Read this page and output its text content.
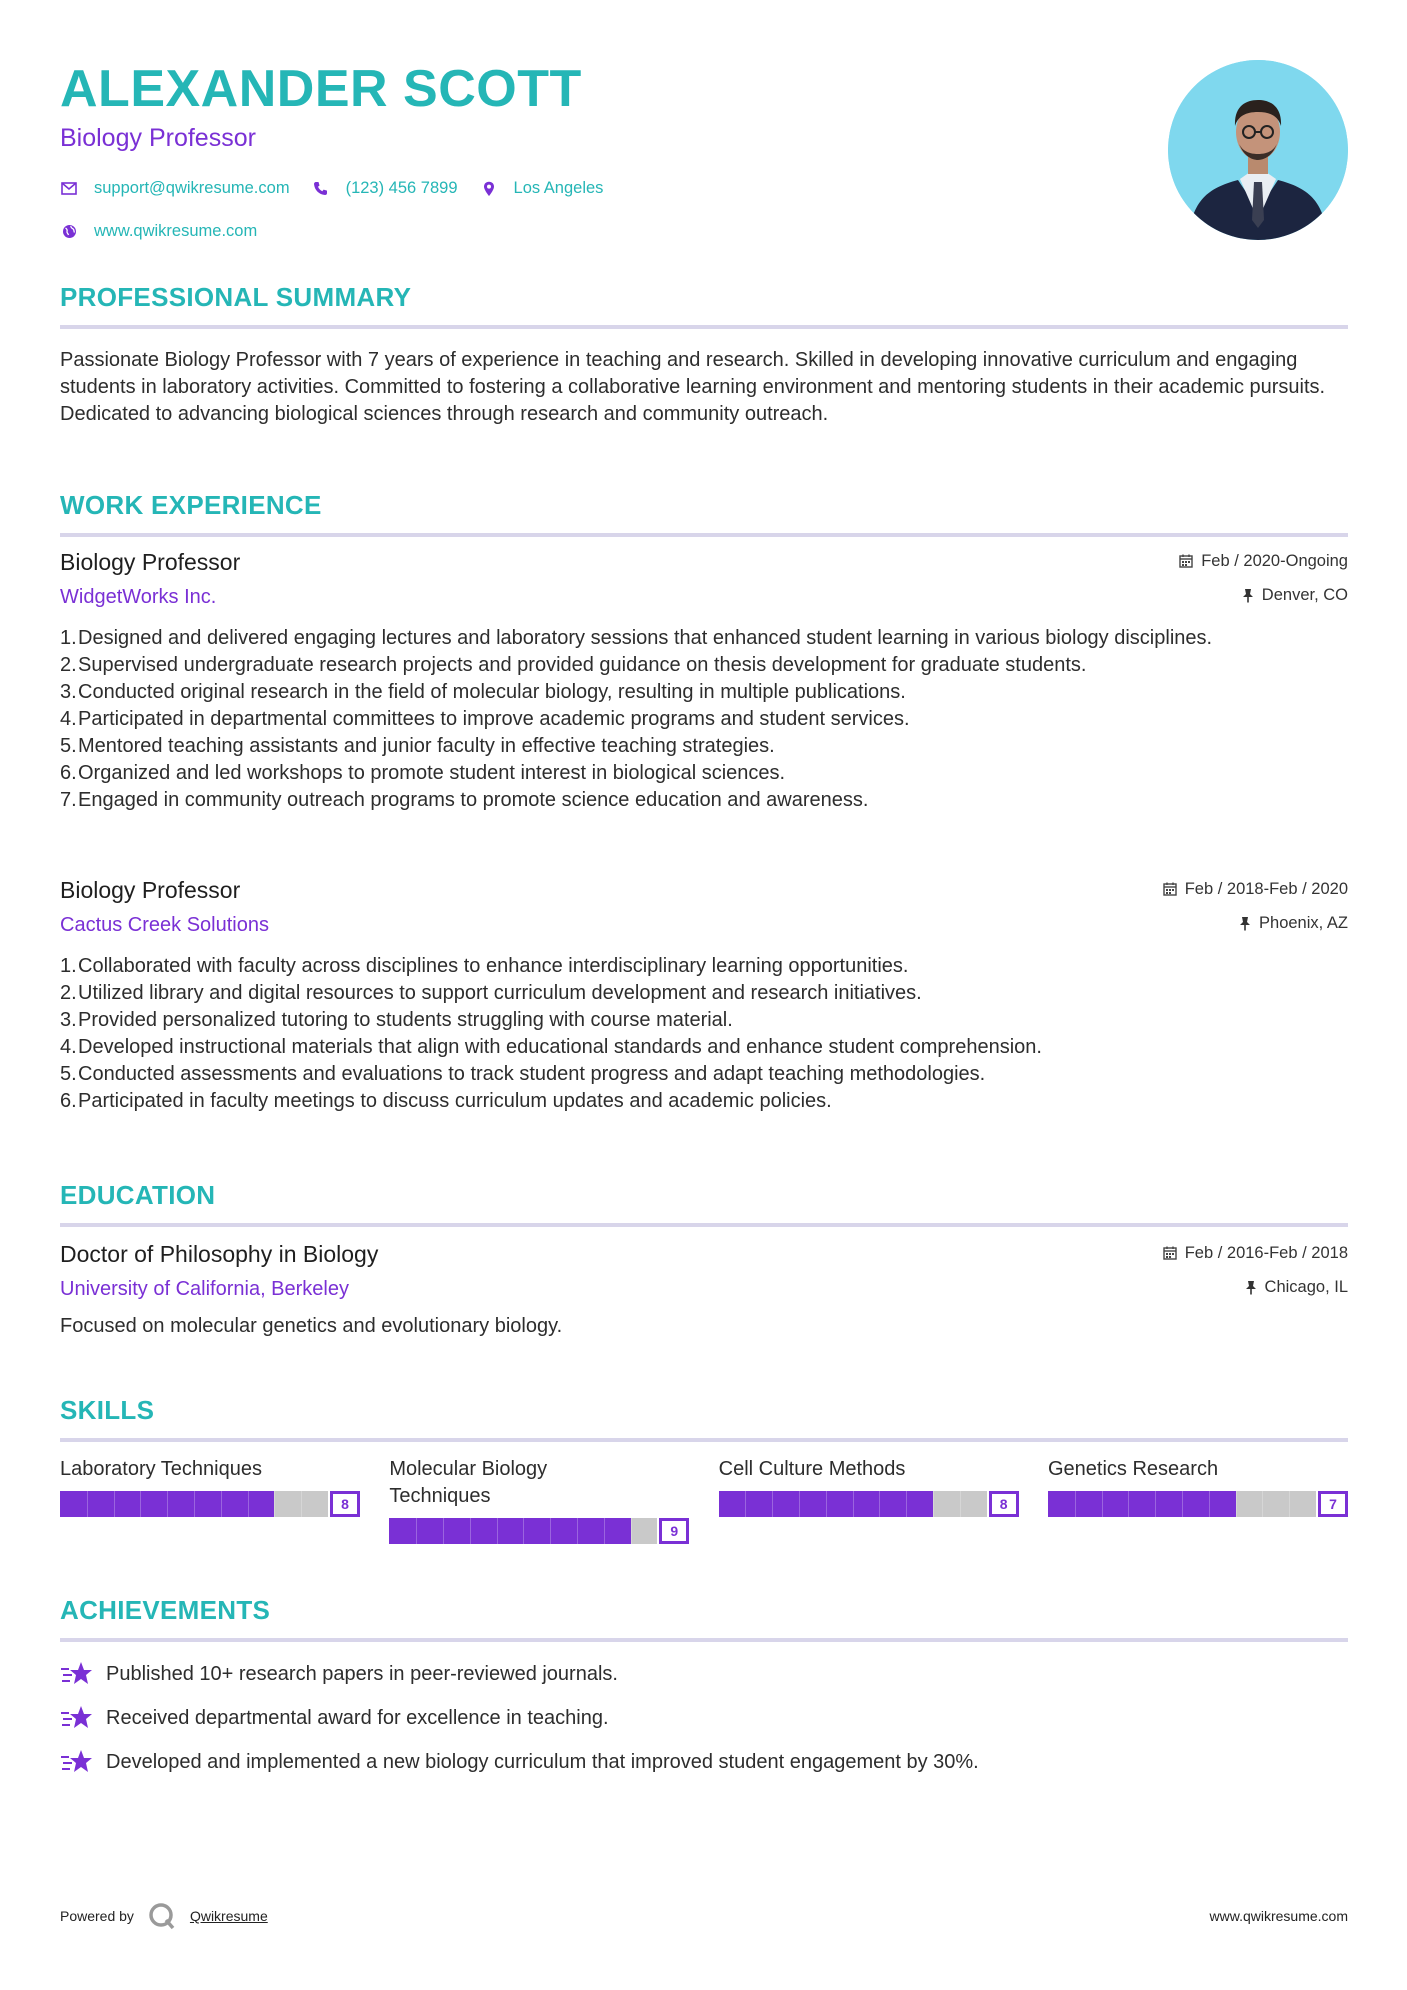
ALEXANDER SCOTT
Biology Professor
support@qwikresume.com	(123) 456 7899	Los Angeles
www.qwikresume.com
PROFESSIONAL SUMMARY
Passionate Biology Professor with 7 years of experience in teaching and research. Skilled in developing innovative curriculum and engaging students in laboratory activities. Committed to fostering a collaborative learning environment and mentoring students in their academic pursuits. Dedicated to advancing biological sciences through research and community outreach.
WORK EXPERIENCE
Biology Professor
WidgetWorks Inc.
Feb / 2020-Ongoing
Denver, CO
1. Designed and delivered engaging lectures and laboratory sessions that enhanced student learning in various biology disciplines.
2. Supervised undergraduate research projects and provided guidance on thesis development for graduate students.
3. Conducted original research in the field of molecular biology, resulting in multiple publications.
4. Participated in departmental committees to improve academic programs and student services.
5. Mentored teaching assistants and junior faculty in effective teaching strategies.
6. Organized and led workshops to promote student interest in biological sciences.
7. Engaged in community outreach programs to promote science education and awareness.
Biology Professor
Cactus Creek Solutions
Feb / 2018-Feb / 2020
Phoenix, AZ
1. Collaborated with faculty across disciplines to enhance interdisciplinary learning opportunities.
2. Utilized library and digital resources to support curriculum development and research initiatives.
3. Provided personalized tutoring to students struggling with course material.
4. Developed instructional materials that align with educational standards and enhance student comprehension.
5. Conducted assessments and evaluations to track student progress and adapt teaching methodologies.
6. Participated in faculty meetings to discuss curriculum updates and academic policies.
EDUCATION
Doctor of Philosophy in Biology
University of California, Berkeley
Feb / 2016-Feb / 2018
Chicago, IL
Focused on molecular genetics and evolutionary biology.
SKILLS
Laboratory Techniques
8
Molecular Biology Techniques
9
Cell Culture Methods
8
Genetics Research
7
ACHIEVEMENTS
Published 10+ research papers in peer-reviewed journals.
Received departmental award for excellence in teaching.
Developed and implemented a new biology curriculum that improved student engagement by 30%.
Powered by	Qwikresume	www.qwikresume.com
